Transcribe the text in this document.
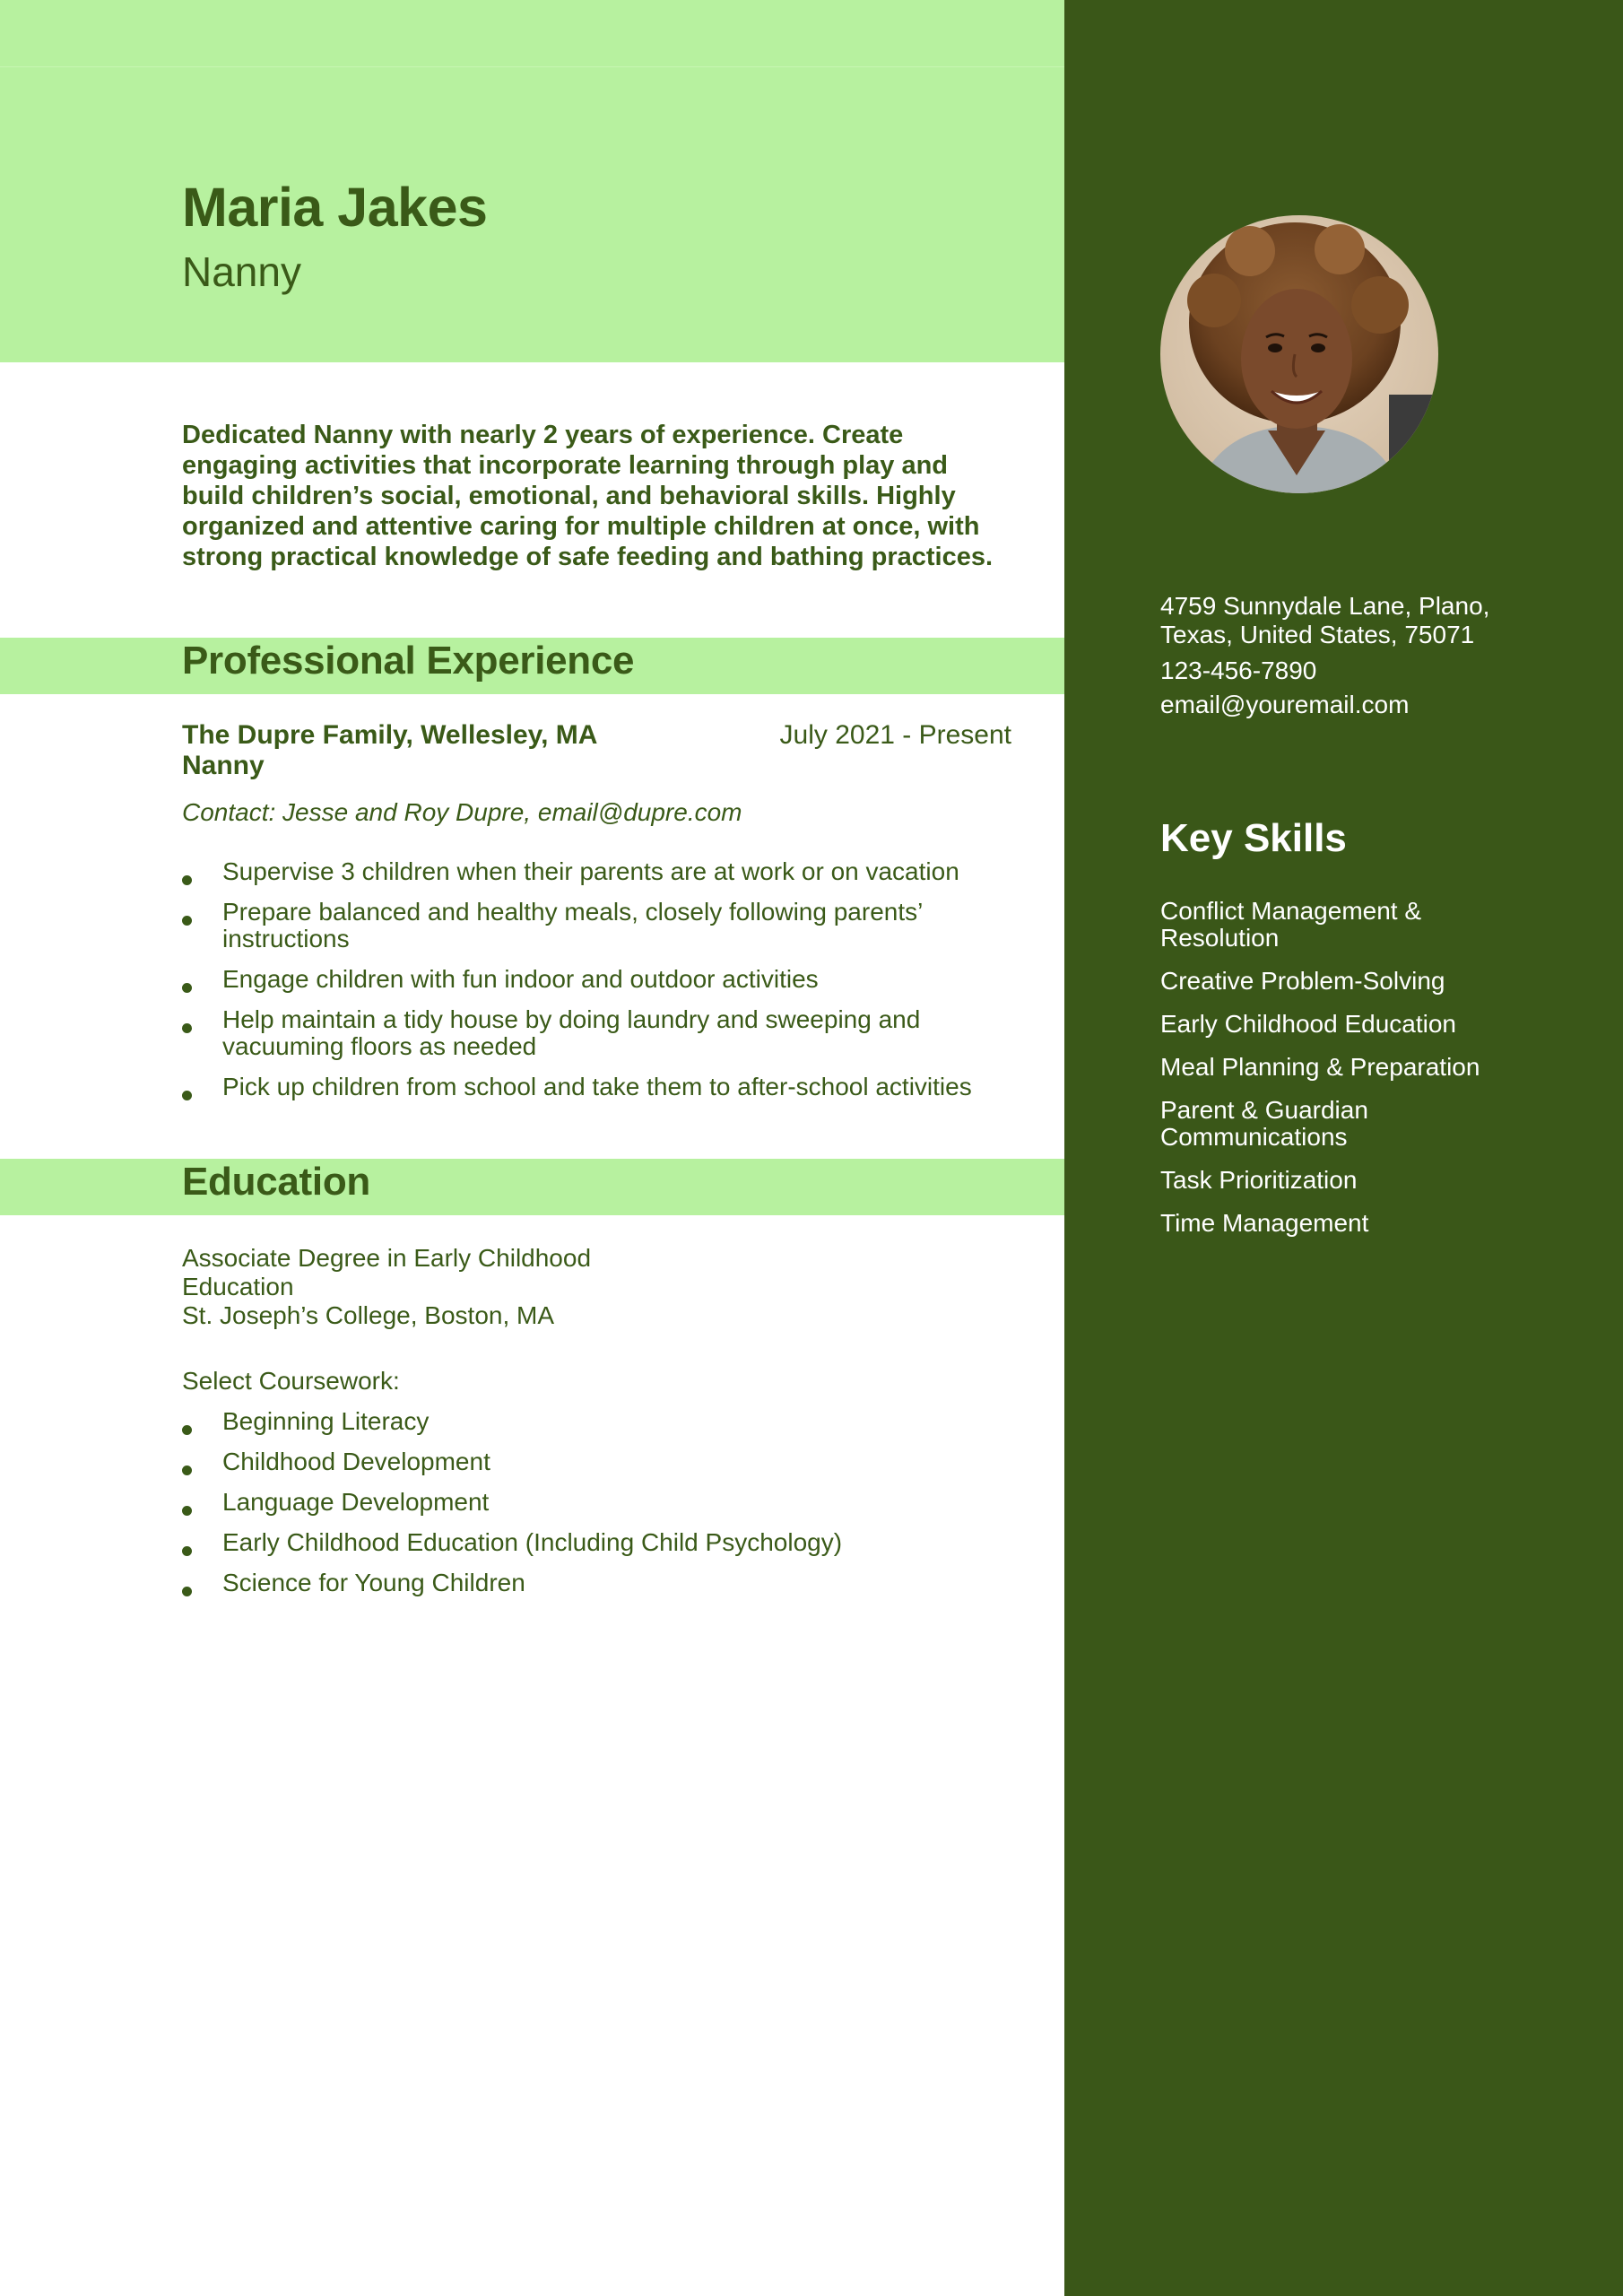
Maria Jakes
Nanny
Dedicated Nanny with nearly 2 years of experience. Create engaging activities that incorporate learning through play and build children’s social, emotional, and behavioral skills. Highly organized and attentive caring for multiple children at once, with strong practical knowledge of safe feeding and bathing practices.
Professional Experience
The Dupre Family, Wellesley, MA	July 2021 - Present
Nanny
Contact: Jesse and Roy Dupre, email@dupre.com
Supervise 3 children when their parents are at work or on vacation
Prepare balanced and healthy meals, closely following parents’ instructions
Engage children with fun indoor and outdoor activities
Help maintain a tidy house by doing laundry and sweeping and vacuuming floors as needed
Pick up children from school and take them to after-school activities
Education
Associate Degree in Early Childhood Education
St. Joseph’s College, Boston, MA
Select Coursework:
Beginning Literacy
Childhood Development
Language Development
Early Childhood Education (Including Child Psychology)
Science for Young Children
4759 Sunnydale Lane, Plano, Texas, United States, 75071
123-456-7890
email@youremail.com
Key Skills
Conflict Management & Resolution
Creative Problem-Solving
Early Childhood Education
Meal Planning & Preparation
Parent & Guardian Communications
Task Prioritization
Time Management
